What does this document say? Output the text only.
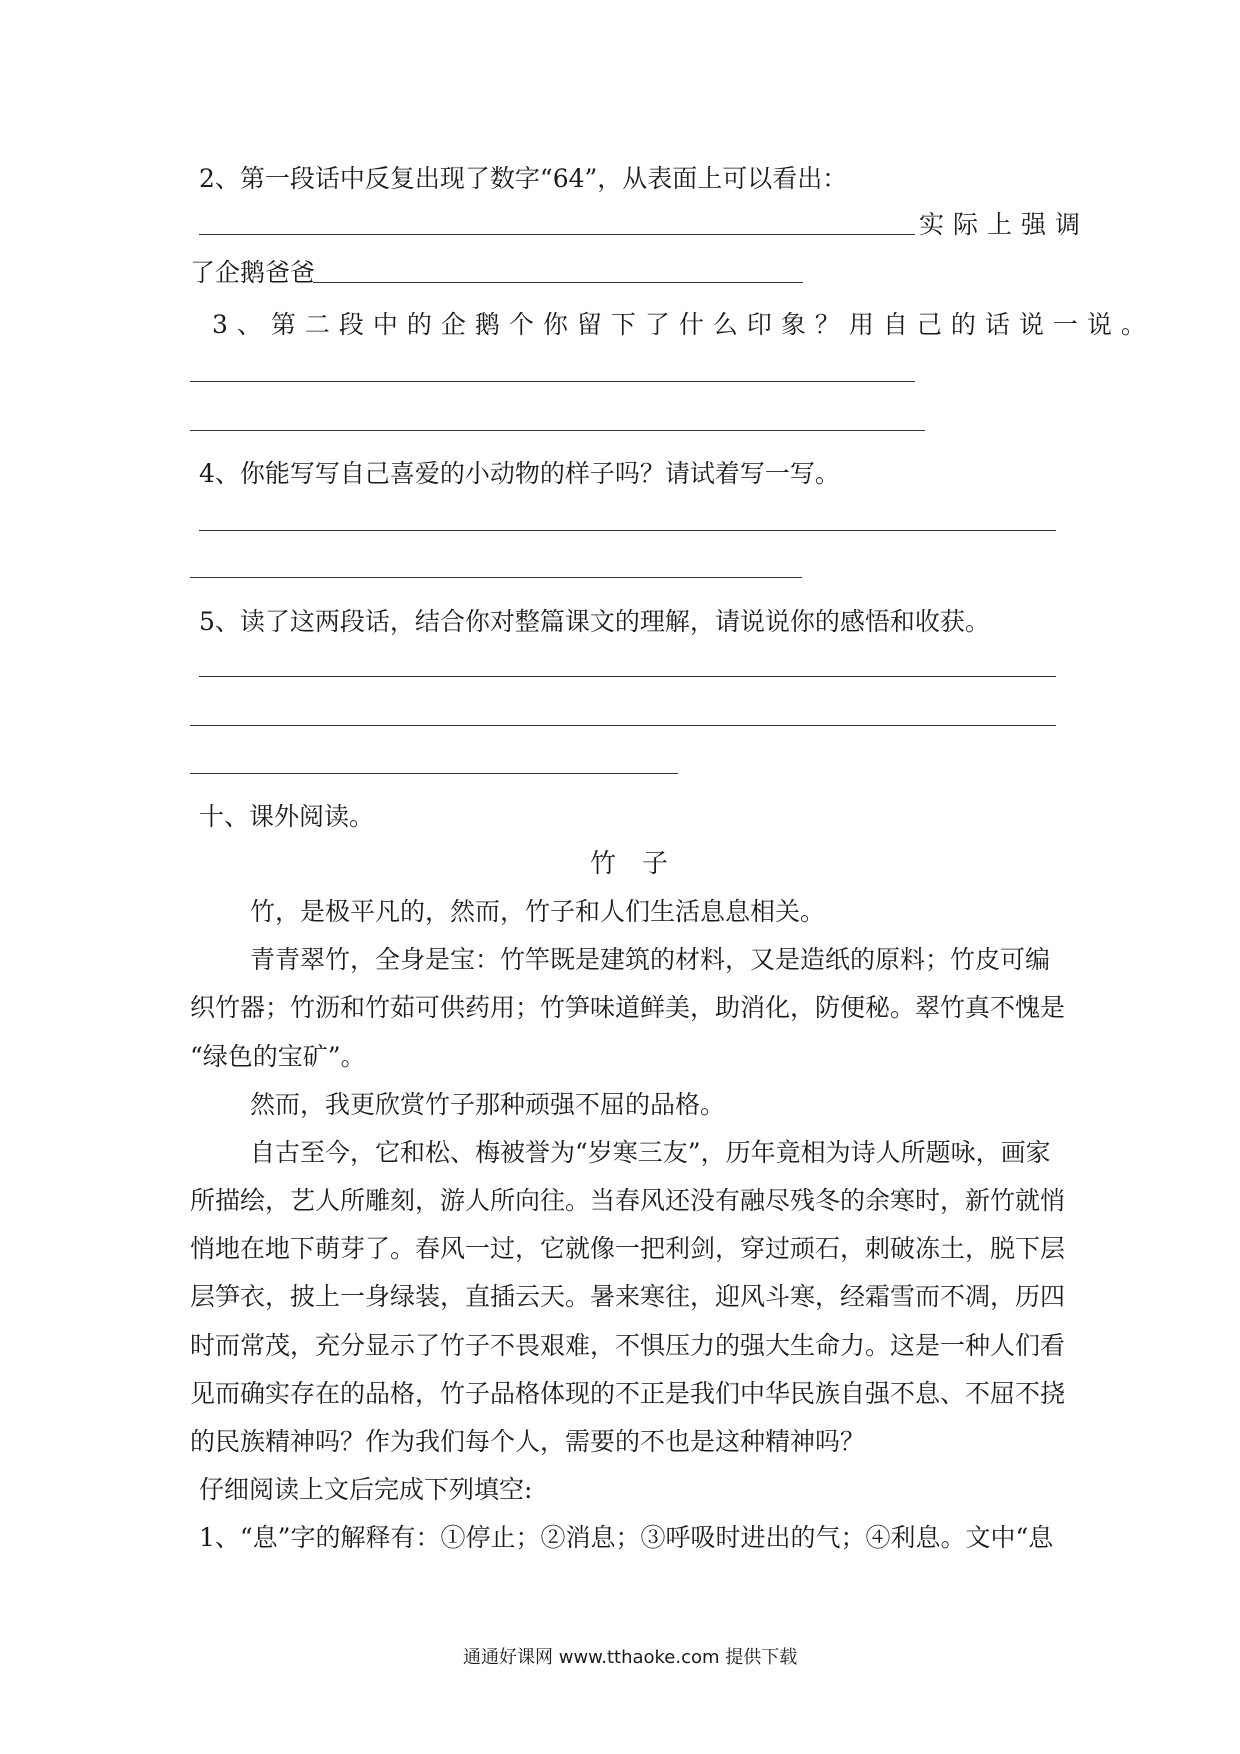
2、第一段话中反复出现了数字“64”，从表面上可以看出：
实际上强调
了企鹅爸爸
3、第二段中的企鹅个你留下了什么印象？用自己的话说一说。
4、你能写写自己喜爱的小动物的样子吗？请试着写一写。
5、读了这两段话，结合你对整篇课文的理解，请说说你的感悟和收获。
十、课外阅读。
竹　子
竹，是极平凡的，然而，竹子和人们生活息息相关。
青青翠竹，全身是宝：竹竿既是建筑的材料，又是造纸的原料；竹皮可编
织竹器；竹沥和竹茹可供药用；竹笋味道鲜美，助消化，防便秘。翠竹真不愧是
“绿色的宝矿”。
然而，我更欣赏竹子那种顽强不屈的品格。
自古至今，它和松、梅被誉为“岁寒三友”，历年竟相为诗人所题咏，画家
所描绘，艺人所雕刻，游人所向往。当春风还没有融尽残冬的余寒时，新竹就悄
悄地在地下萌芽了。春风一过，它就像一把利剑，穿过顽石，刺破冻土，脱下层
层笋衣，披上一身绿装，直插云天。暑来寒往，迎风斗寒，经霜雪而不凋，历四
时而常茂，充分显示了竹子不畏艰难，不惧压力的强大生命力。这是一种人们看
见而确实存在的品格，竹子品格体现的不正是我们中华民族自强不息、不屈不挠
的民族精神吗？作为我们每个人，需要的不也是这种精神吗？
仔细阅读上文后完成下列填空:
1、“息”字的解释有：①停止；②消息；③呼吸时进出的气；④利息。文中“息
通通好课网 www.tthaoke.com 提供下载
